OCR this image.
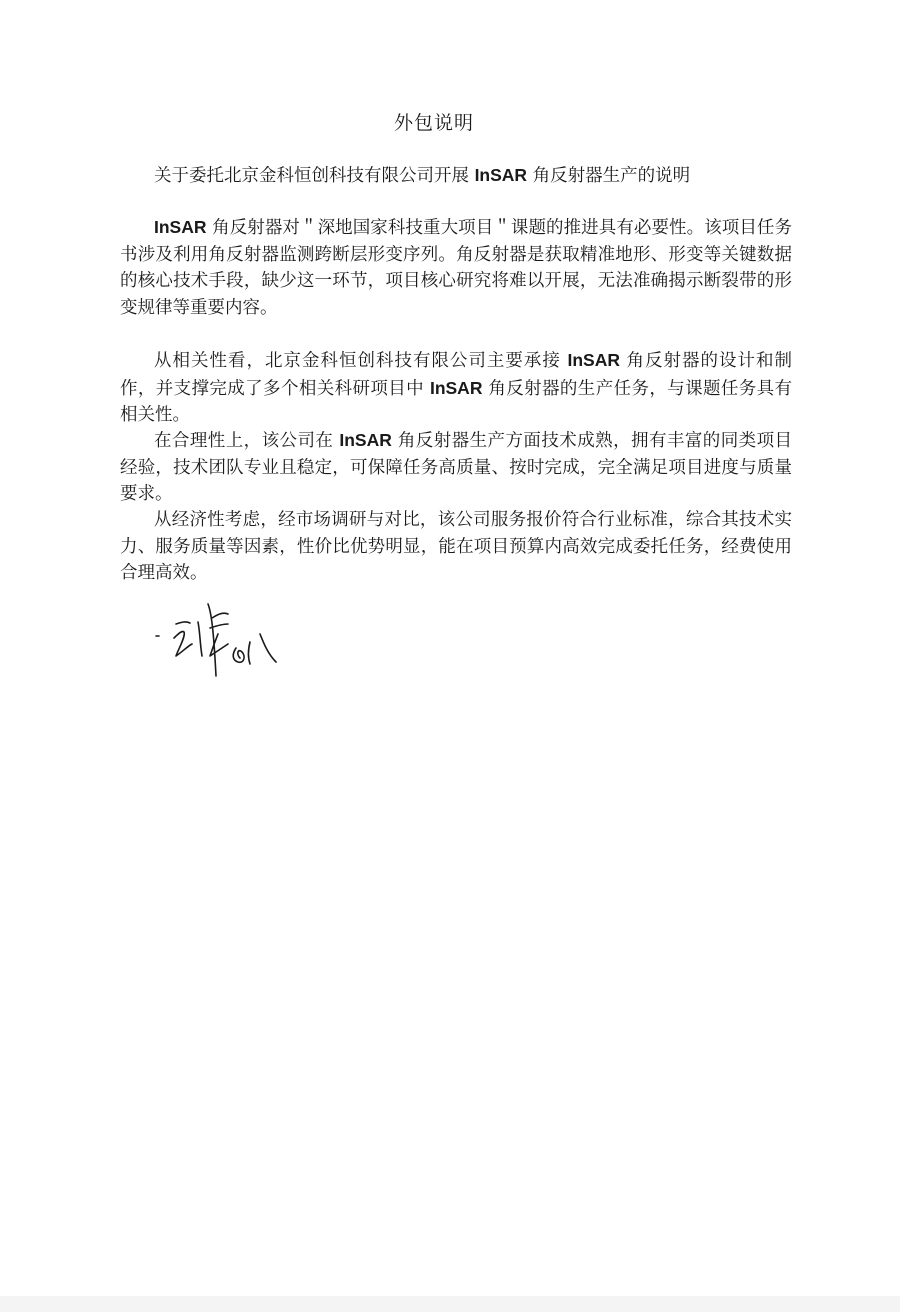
外包说明
关于委托北京金科恒创科技有限公司开展 InSAR 角反射器生产的说明

InSAR 角反射器对＂深地国家科技重大项目＂课题的推进具有必要性。该项目任务书涉及利用角反射器监测跨断层形变序列。角反射器是获取精准地形、形变等关键数据的核心技术手段，缺少这一环节，项目核心研究将难以开展，无法准确揭示断裂带的形变规律等重要内容。

从相关性看，北京金科恒创科技有限公司主要承接 InSAR 角反射器的设计和制作，并支撑完成了多个相关科研项目中 InSAR 角反射器的生产任务，与课题任务具有相关性。

在合理性上，该公司在 InSAR 角反射器生产方面技术成熟，拥有丰富的同类项目经验，技术团队专业且稳定，可保障任务高质量、按时完成，完全满足项目进度与质量要求。

从经济性考虑，经市场调研与对比，该公司服务报价符合行业标准，综合其技术实力、服务质量等因素，性价比优势明显，能在项目预算内高效完成委托任务，经费使用合理高效。
